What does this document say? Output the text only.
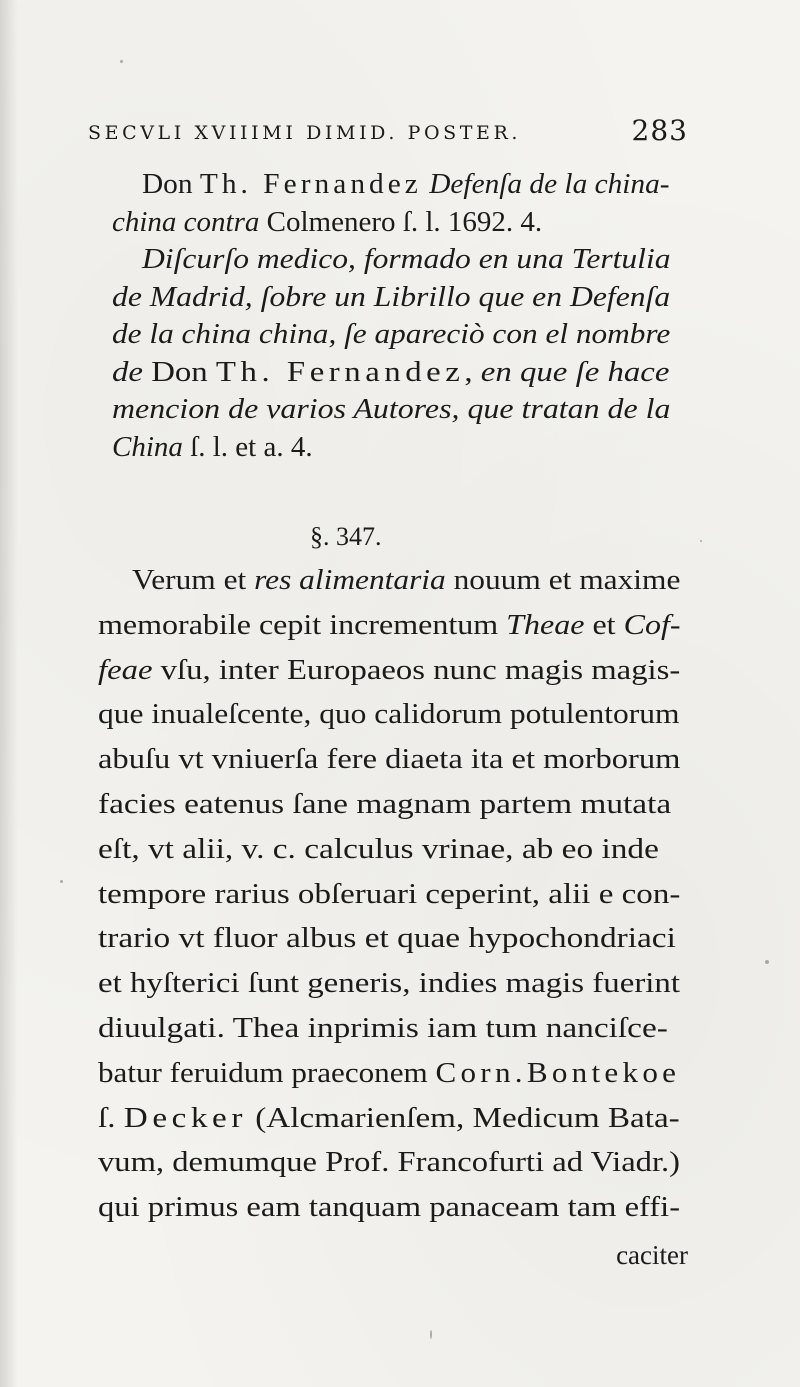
SECVLI XVIIIMI DIMID. POSTER.	283
Don Th. Fernandez Defenſa de la china-
china contra Colmenero ſ. l. 1692. 4.
Diſcurſo medico, formado en una Tertulia
de Madrid, ſobre un Librillo que en Defenſa
de la china china, ſe apareciò con el nombre
de Don Th. Fernandez, en que ſe hace
mencion de varios Autores, que tratan de la
China ſ. l. et a. 4.
§. 347.
Verum et res alimentaria nouum et maxime
memorabile cepit incrementum Theae et Cof-
feae vſu, inter Europaeos nunc magis magis-
que inualeſcente, quo calidorum potulentorum
abuſu vt vniuerſa fere diaeta ita et morborum
facies eatenus ſane magnam partem mutata
eſt, vt alii, v. c. calculus vrinae, ab eo inde
tempore rarius obſeruari ceperint, alii e con-
trario vt fluor albus et quae hypochondriaci
et hyſterici ſunt generis, indies magis fuerint
diuulgati. Thea inprimis iam tum nanciſce-
batur feruidum praeconem Corn.Bontekoe
ſ. Decker (Alcmarienſem, Medicum Bata-
vum, demumque Prof. Francofurti ad Viadr.)
qui primus eam tanquam panaceam tam effi-
caciter
